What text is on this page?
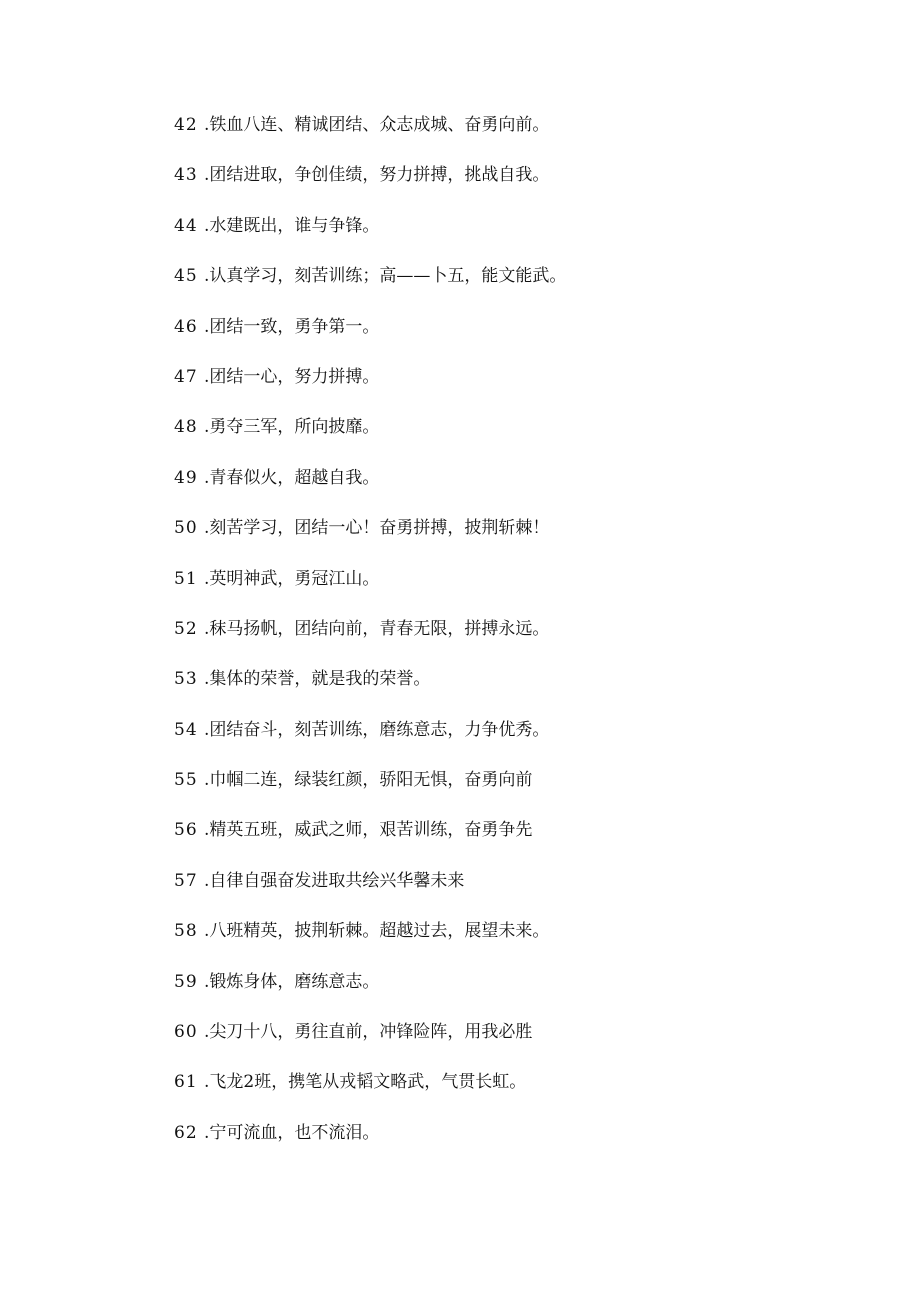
42 .铁血八连、精诚团结、众志成城、奋勇向前。
43 .团结进取，争创佳绩，努力拼搏，挑战自我。
44 .水建既出，谁与争锋。
45 .认真学习，刻苦训练；高——卜五，能文能武。
46 .团结一致，勇争第一。
47 .团结一心，努力拼搏。
48 .勇夺三军，所向披靡。
49 .青春似火，超越自我。
50 .刻苦学习，团结一心！奋勇拼搏，披荆斩棘！
51 .英明神武，勇冠江山。
52 .秣马扬帆，团结向前，青春无限，拼搏永远。
53 .集体的荣誉，就是我的荣誉。
54 .团结奋斗，刻苦训练，磨练意志，力争优秀。
55 .巾帼二连，绿装红颜，骄阳无惧，奋勇向前
56 .精英五班，威武之师，艰苦训练，奋勇争先
57 .自律自强奋发进取共绘兴华馨未来
58 .八班精英，披荆斩棘。超越过去，展望未来。
59 .锻炼身体，磨练意志。
60 .尖刀十八，勇往直前，冲锋险阵，用我必胜
61 .飞龙2班，携笔从戎韬文略武，气贯长虹。
62 .宁可流血，也不流泪。
